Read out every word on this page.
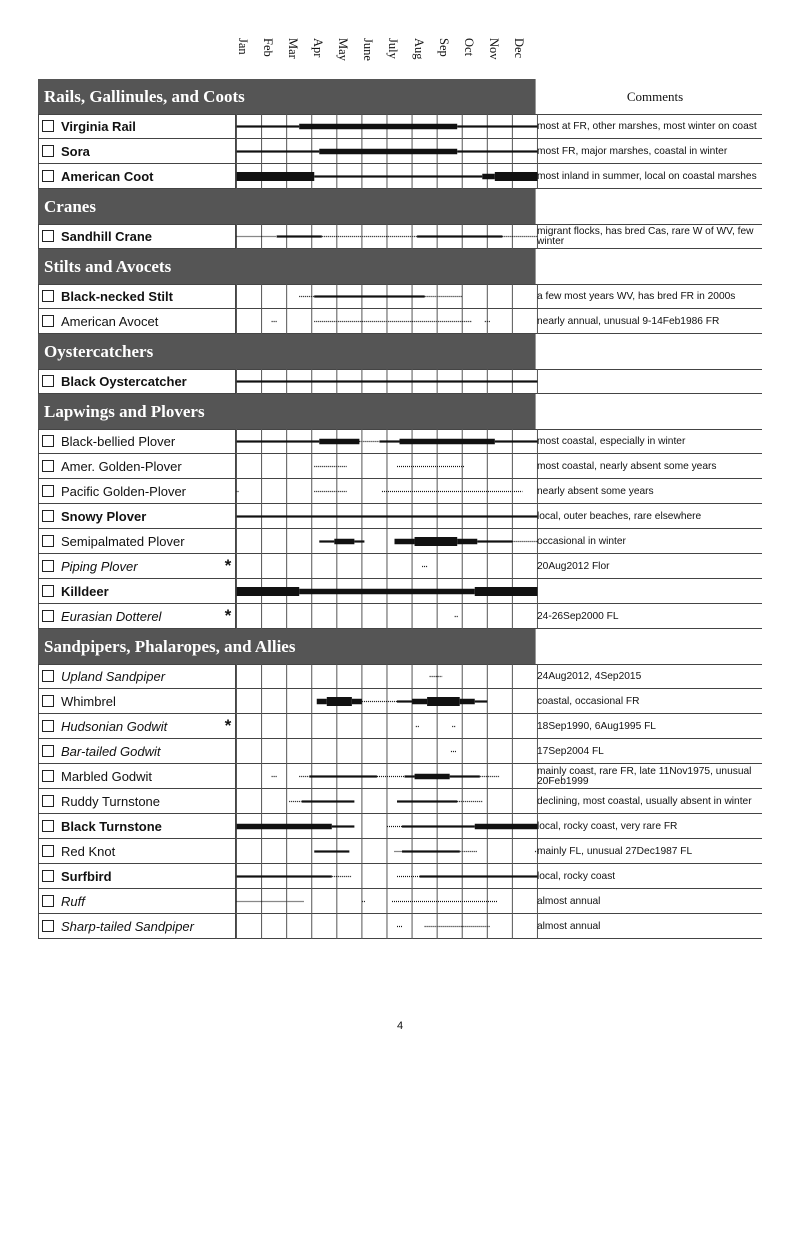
Jan Feb Mar Apr May June July Aug Sep Oct Nov Dec
Rails, Gallinules, and Coots	Comments
Virginia Rail	most at FR, other marshes, most winter on coast
Sora	most FR, major marshes, coastal in winter
American Coot	most inland in summer, local on coastal marshes
Cranes
Sandhill Crane	migrant flocks, has bred Cas, rare W of WV, few winter
Stilts and Avocets
Black-necked Stilt	a few most years WV, has bred FR in 2000s
American Avocet	nearly annual, unusual 9-14Feb1986 FR
Oystercatchers
Black Oystercatcher
Lapwings and Plovers
Black-bellied Plover	most coastal, especially in winter
Amer. Golden-Plover	most coastal, nearly absent some years
Pacific Golden-Plover	nearly absent some years
Snowy Plover	local, outer beaches, rare elsewhere
Semipalmated Plover	occasional in winter
Piping Plover	*	20Aug2012 Flor
Killdeer
Eurasian Dotterel	*	24-26Sep2000 FL
Sandpipers, Phalaropes, and Allies
Upland Sandpiper	24Aug2012, 4Sep2015
Whimbrel	coastal, occasional FR
Hudsonian Godwit	*	18Sep1990, 6Aug1995 FL
Bar-tailed Godwit	17Sep2004 FL
Marbled Godwit	mainly coast, rare FR, late 11Nov1975, unusual 20Feb1999
Ruddy Turnstone	declining, most coastal, usually absent in winter
Black Turnstone	local, rocky coast, very rare FR
Red Knot	mainly FL, unusual 27Dec1987 FL
Surfbird	local, rocky coast
Ruff	almost annual
Sharp-tailed Sandpiper	almost annual
4
